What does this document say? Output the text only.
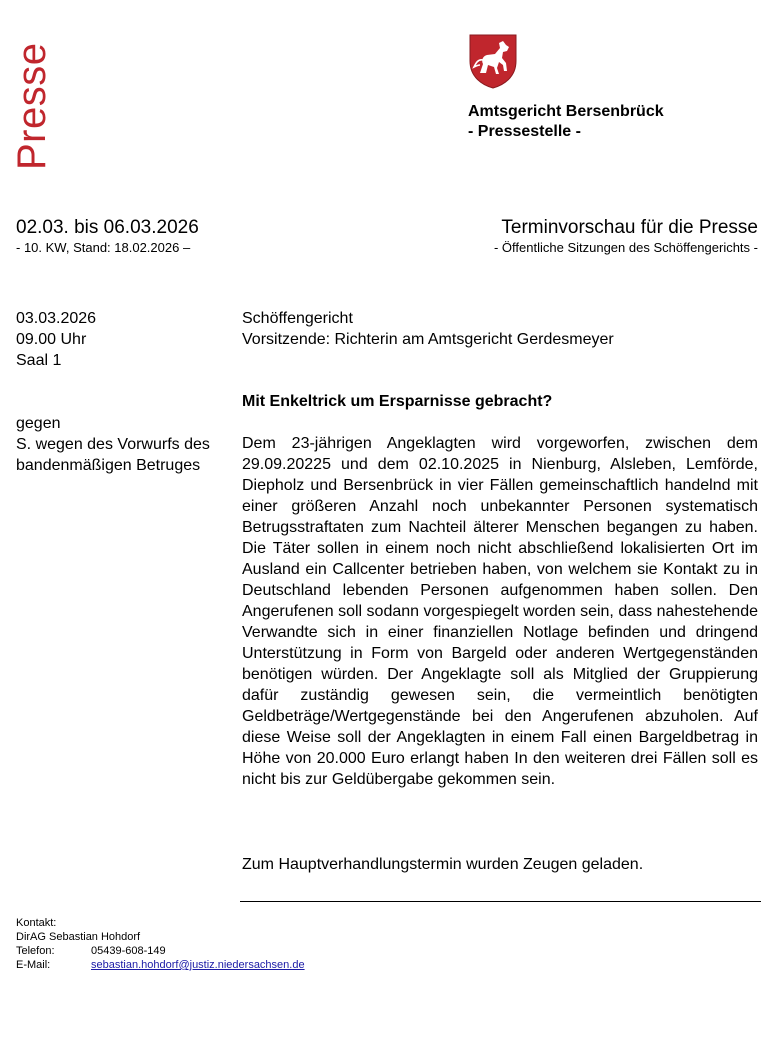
Presse	Amtsgericht Bersenbrück
- Pressestelle -
02.03. bis 06.03.2026
- 10. KW, Stand: 18.02.2026 –
Terminvorschau für die Presse
- Öffentliche Sitzungen des Schöffengerichts -
03.03.2026
09.00 Uhr
Saal 1
gegen
S. wegen des Vorwurfs des bandenmäßigen Betruges
Schöffengericht
Vorsitzende: Richterin am Amtsgericht Gerdesmeyer
Mit Enkeltrick um Ersparnisse gebracht?
Dem 23-jährigen Angeklagten wird vorgeworfen, zwischen dem 29.09.20225 und dem 02.10.2025 in Nienburg, Alsleben, Lemförde, Diepholz und Bersenbrück in vier Fällen gemeinschaftlich handelnd mit einer größeren Anzahl noch unbekannter Personen systematisch Betrugsstraftaten zum Nachteil älterer Menschen begangen zu haben. Die Täter sollen in einem noch nicht abschließend lokalisierten Ort im Ausland ein Callcenter betrieben haben, von welchem sie Kontakt zu in Deutschland lebenden Personen aufgenommen haben sollen. Den Angerufenen soll sodann vorgespiegelt worden sein, dass nahestehende Verwandte sich in einer finanziellen Notlage befinden und dringend Unterstützung in Form von Bargeld oder anderen Wertgegenständen benötigen würden. Der Angeklagte soll als Mitglied der Gruppierung dafür zuständig gewesen sein, die vermeintlich benötigten Geldbeträge/Wertgegenstände bei den Angerufenen abzuholen. Auf diese Weise soll der Angeklagten in einem Fall einen Bargeldbetrag in Höhe von 20.000 Euro erlangt haben In den weiteren drei Fällen soll es nicht bis zur Geldübergabe gekommen sein.
Zum Hauptverhandlungstermin wurden Zeugen geladen.
Kontakt:
DirAG Sebastian Hohdorf
Telefon:	05439-608-149
E-Mail:	sebastian.hohdorf@justiz.niedersachsen.de
